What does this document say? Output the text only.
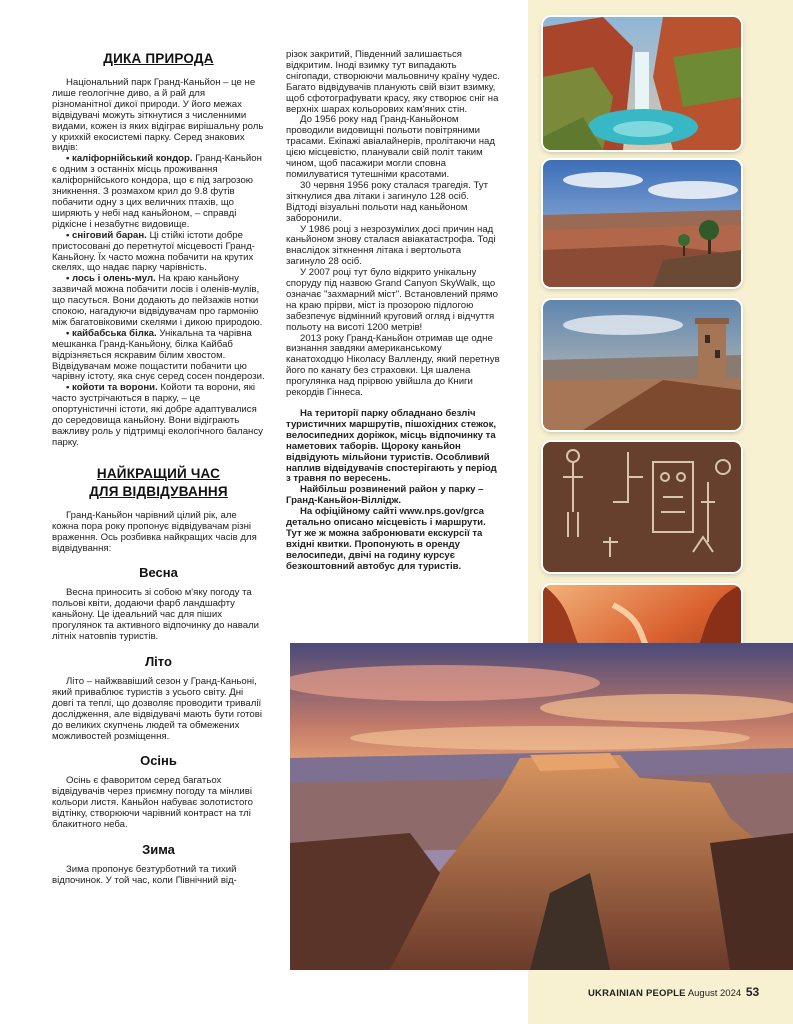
ДИКА ПРИРОДА

Національний парк Гранд-Каньйон – це не лише геологічне диво, а й рай для різноманітної дикої природи. У його межах відвідувачі можуть зіткнутися з численними видами, кожен із яких відіграє вирішальну роль у крихкій екосистемі парку. Серед знакових видів:

• каліфорнійський кондор. Гранд-Каньйон є одним з останніх місць проживання каліфорнійського кондора, що є під загрозою зникнення. З розмахом крил до 9.8 футів побачити одну з цих величних птахів, що ширяють у небі над каньйоном, – справді рідкісне і незабутнє видовище.

• сніговий баран. Ці стійкі істоти добре пристосовані до перетнутої місцевості Гранд-Каньйону. Їх часто можна побачити на крутих скелях, що надає парку чарівність.

• лось і олень-мул. На краю каньйону зазвичай можна побачити лосів і оленів-мулів, що пасуться. Вони додають до пейзажів нотки спокою, нагадуючи відвідувачам про гармонію між багатовіковими скелями і дикою природою.

• кайбабська білка. Унікальна та чарівна мешканка Гранд-Каньйону, білка Кайбаб відрізняється яскравим білим хвостом. Відвідувачам може пощастити побачити цю чарівну істоту, яка снує серед сосен пондерози.

• койоти та ворони. Койоти та ворони, які часто зустрічаються в парку, – це опортуністичні істоти, які добре адаптувалися до середовища каньйону. Вони відіграють важливу роль у підтримці екологічного балансу парку.

НАЙКРАЩИЙ ЧАС
ДЛЯ ВІДВІДУВАННЯ

Гранд-Каньйон чарівний цілий рік, але кожна пора року пропонує відвідувачам різні враження. Ось розбивка найкращих часів для відвідування:

Весна

Весна приносить зі собою м'яку погоду та польові квіти, додаючи фарб ландшафту каньйону. Це ідеальний час для піших прогулянок та активного відпочинку до навали літніх натовпів туристів.

Літо

Літо – найжвавіший сезон у Гранд-Каньоні, який приваблює туристів з усього світу. Дні довгі та теплі, що дозволяє проводити тривалії дослідження, але відвідувачі мають бути готові до великих скупчень людей та обмежених можливостей розміщення.

Осінь

Осінь є фаворитом серед багатьох відвідувачів через приємну погоду та мінливі кольори листя. Каньйон набуває золотистого відтінку, створюючи чарівний контраст на тлі блакитного неба.

Зима

Зима пропонує безтурботний та тихий відпочинок. У той час, коли Північний від-

різок закритий, Південний залишається відкритим. Іноді взимку тут випадають снігопади, створюючи мальовничу країну чудес. Багато відвідувачів планують свій візит взимку, щоб сфотографувати красу, яку створює сніг на верхніх шарах кольорових кам'яних стін.

До 1956 року над Гранд-Каньйоном проводили видовищні польоти повітряними трасами. Екіпажі авіалайнерів, пролітаючи над цією місцевістю, планували свій політ таким чином, щоб пасажири могли сповна помилуватися тутешніми красотами.

30 червня 1956 року сталася трагедія. Тут зіткнулися два літаки і загинуло 128 осіб. Відтоді візуальні польоти над каньйоном заборонили.

У 1986 році з незрозумілих досі причин над каньйоном знову сталася авіакатастрофа. Тоді внаслідок зіткнення літака і вертольота загинуло 28 осіб.

У 2007 році тут було відкрито унікальну споруду під назвою Grand Canyon SkyWalk, що означає "захмарний міст". Встановлений прямо на краю прірви, міст із прозорою підлогою забезпечує відмінний круговий огляд і відчуття польоту на висоті 1200 метрів!

2013 року Гранд-Каньйон отримав ще одне визнання завдяки американському канатоходцю Ніколасу Валленду, який перетнув його по канату без страховки. Ця шалена прогулянка над прірвою увійшла до Книги рекордів Гіннеса.

На території парку обладнано безліч туристичних маршрутів, пішохідних стежок, велосипедних доріжок, місць відпочинку та наметових таборів. Щороку каньйон відвідують мільйони туристів. Особливий наплив відвідувачів спостерігають у період з травня по вересень.

Найбільш розвинений район у парку – Гранд-Каньйон-Віллідж.

На офіційному сайті www.nps.gov/grca детально описано місцевість і маршрути. Тут же ж можна забронювати екскурсії та вхідні квитки. Пропонують в оренду велосипеди, двічі на годину курсує безкоштовний автобус для туристів.

UKRAINIAN PEOPLE August 2024 53
